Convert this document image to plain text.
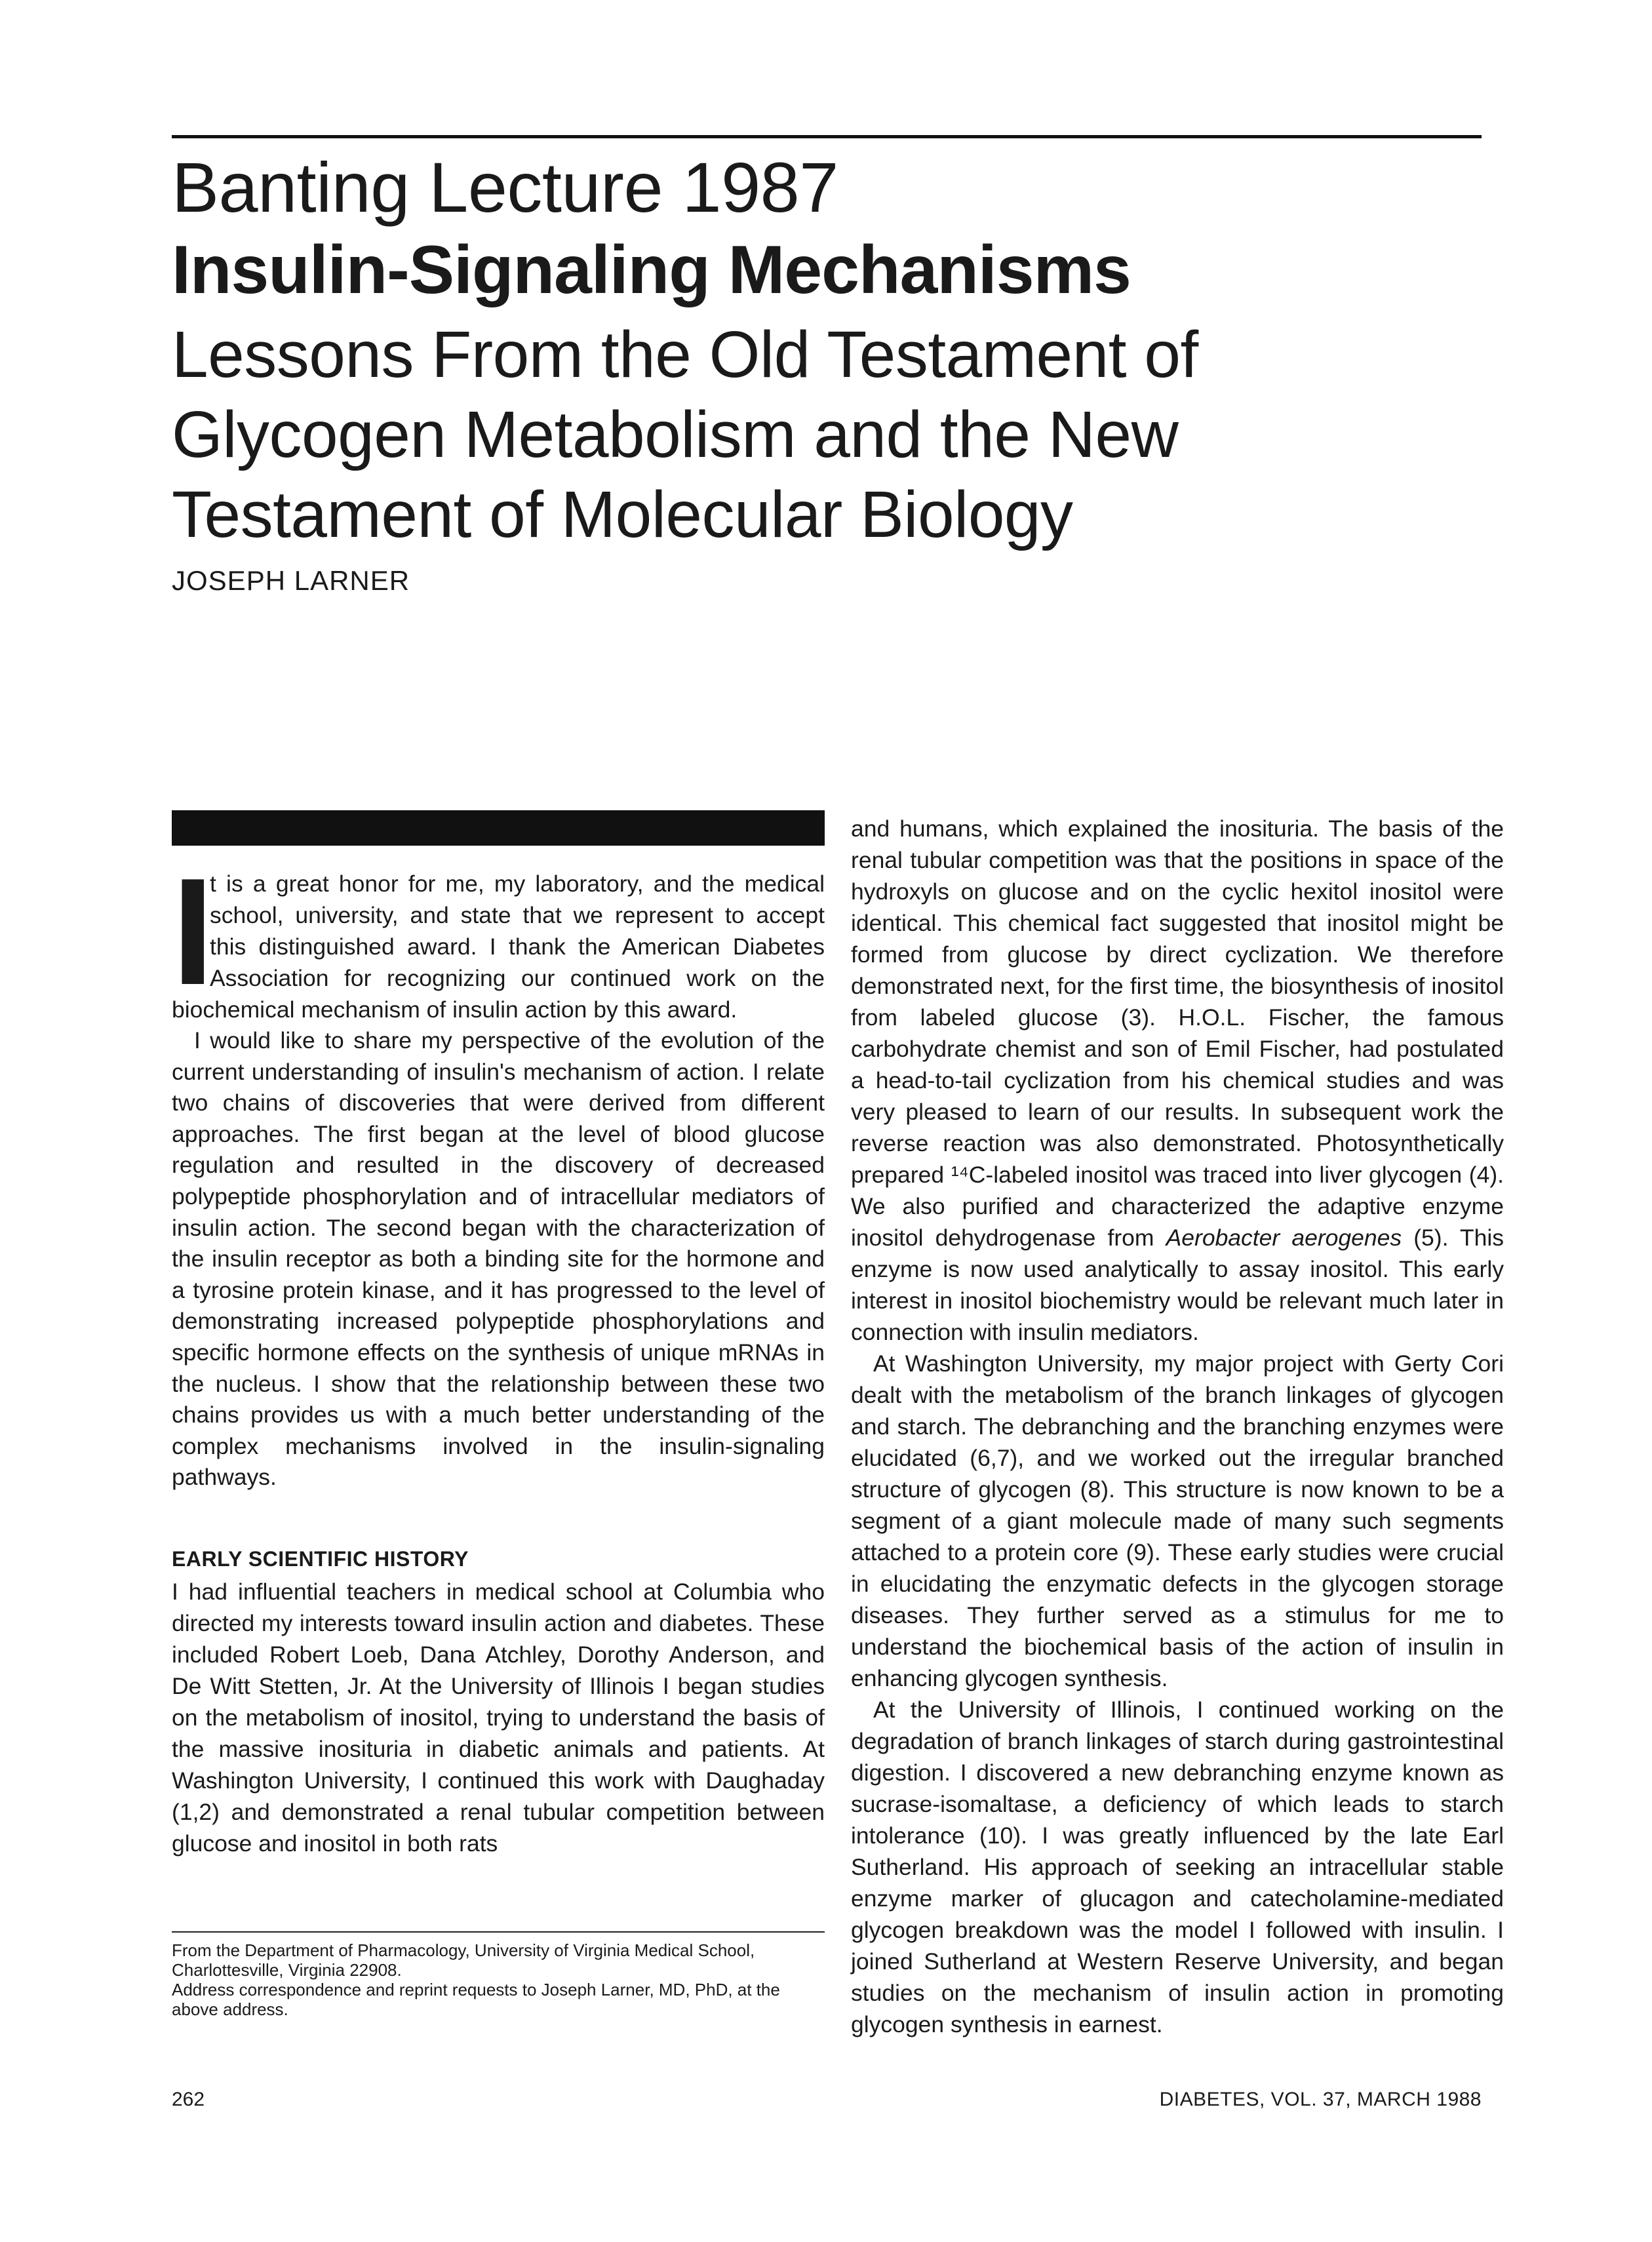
Banting Lecture 1987
Insulin-Signaling Mechanisms
Lessons From the Old Testament of
Glycogen Metabolism and the New
Testament of Molecular Biology
JOSEPH LARNER

I
t is a great honor for me, my laboratory, and the medical school, university, and state that we represent to accept this distinguished award. I thank the American Diabetes Association for recognizing our continued work on the biochemical mechanism of insulin action by this award.

I would like to share my perspective of the evolution of the current understanding of insulin's mechanism of action. I relate two chains of discoveries that were derived from different approaches. The first began at the level of blood glucose regulation and resulted in the discovery of decreased polypeptide phosphorylation and of intracellular mediators of insulin action. The second began with the characterization of the insulin receptor as both a binding site for the hormone and a tyrosine protein kinase, and it has progressed to the level of demonstrating increased polypeptide phosphorylations and specific hormone effects on the synthesis of unique mRNAs in the nucleus. I show that the relationship between these two chains provides us with a much better understanding of the complex mechanisms involved in the insulin-signaling pathways.

EARLY SCIENTIFIC HISTORY

I had influential teachers in medical school at Columbia who directed my interests toward insulin action and diabetes. These included Robert Loeb, Dana Atchley, Dorothy Anderson, and De Witt Stetten, Jr. At the University of Illinois I began studies on the metabolism of inositol, trying to understand the basis of the massive inosituria in diabetic animals and patients. At Washington University, I continued this work with Daughaday (1,2) and demonstrated a renal tubular competition between glucose and inositol in both rats

From the Department of Pharmacology, University of Virginia Medical School, Charlottesville, Virginia 22908.

Address correspondence and reprint requests to Joseph Larner, MD, PhD, at the above address.

and humans, which explained the inosituria. The basis of the renal tubular competition was that the positions in space of the hydroxyls on glucose and on the cyclic hexitol inositol were identical. This chemical fact suggested that inositol might be formed from glucose by direct cyclization. We therefore demonstrated next, for the first time, the biosynthesis of inositol from labeled glucose (3). H.O.L. Fischer, the famous carbohydrate chemist and son of Emil Fischer, had postulated a head-to-tail cyclization from his chemical studies and was very pleased to learn of our results. In subsequent work the reverse reaction was also demonstrated. Photosynthetically prepared ¹⁴C-labeled inositol was traced into liver glycogen (4). We also purified and characterized the adaptive enzyme inositol dehydrogenase from Aerobacter aerogenes (5). This enzyme is now used analytically to assay inositol. This early interest in inositol biochemistry would be relevant much later in connection with insulin mediators.

At Washington University, my major project with Gerty Cori dealt with the metabolism of the branch linkages of glycogen and starch. The debranching and the branching enzymes were elucidated (6,7), and we worked out the irregular branched structure of glycogen (8). This structure is now known to be a segment of a giant molecule made of many such segments attached to a protein core (9). These early studies were crucial in elucidating the enzymatic defects in the glycogen storage diseases. They further served as a stimulus for me to understand the biochemical basis of the action of insulin in enhancing glycogen synthesis.

At the University of Illinois, I continued working on the degradation of branch linkages of starch during gastrointestinal digestion. I discovered a new debranching enzyme known as sucrase-isomaltase, a deficiency of which leads to starch intolerance (10). I was greatly influenced by the late Earl Sutherland. His approach of seeking an intracellular stable enzyme marker of glucagon and catecholamine-mediated glycogen breakdown was the model I followed with insulin. I joined Sutherland at Western Reserve University, and began studies on the mechanism of insulin action in promoting glycogen synthesis in earnest.

262	DIABETES, VOL. 37, MARCH 1988
